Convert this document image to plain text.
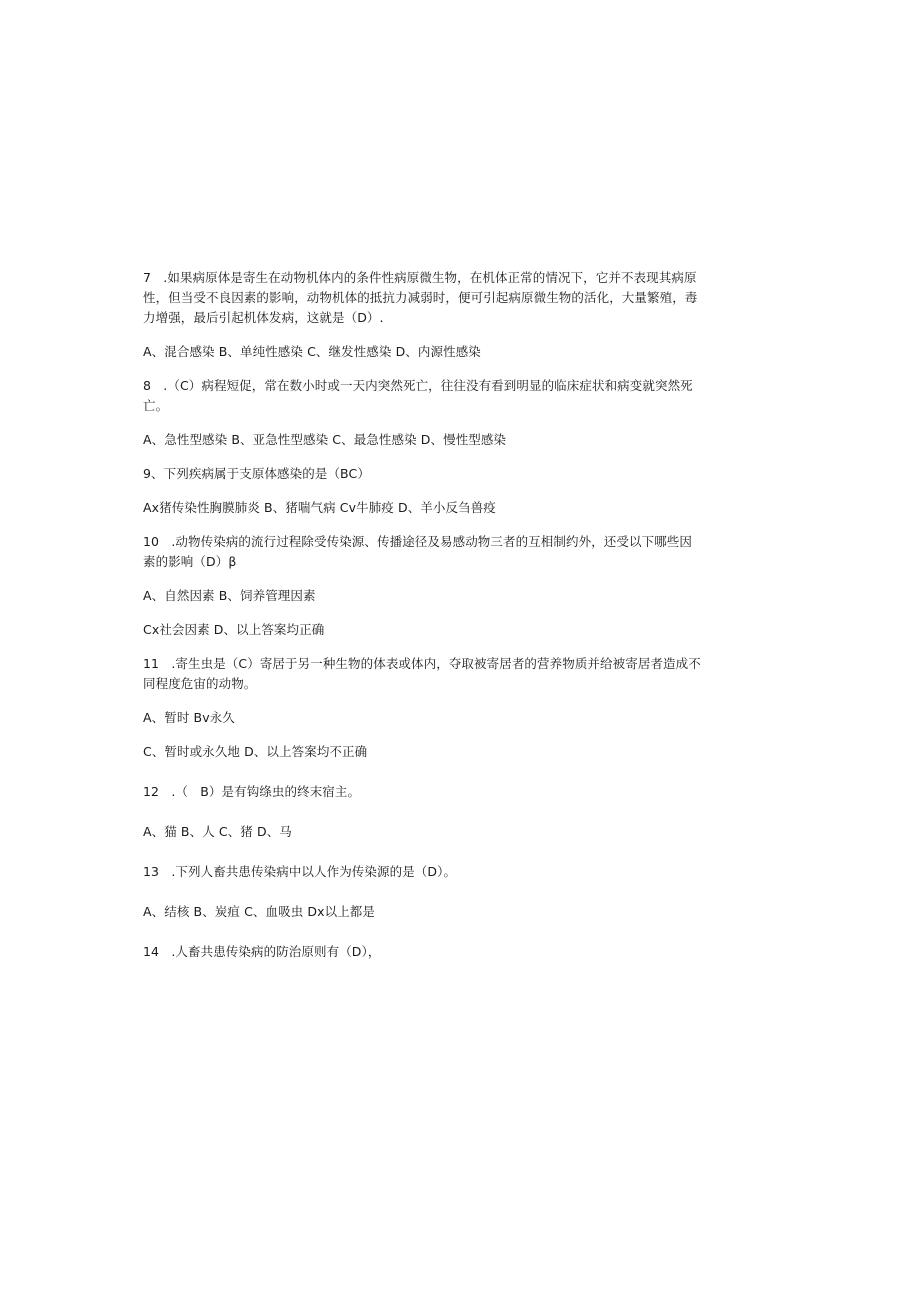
7   .如果病原体是寄生在动物机体内的条件性病原微生物，在机体正常的情况下，它并不表现其病原
性，但当受不良因素的影响，动物机体的抵抗力减弱时，便可引起病原微生物的活化，大量繁殖，毒
力增强，最后引起机体发病，这就是（D）.
A、混合感染 B、单纯性感染 C、继发性感染 D、内源性感染
8   .（C）病程短促，常在数小时或一天内突然死亡，往往没有看到明显的临床症状和病变就突然死
亡。
A、急性型感染 B、亚急性型感染 C、最急性感染 D、慢性型感染
9、下列疾病属于支原体感染的是（BC）
Ax猪传染性胸膜肺炎 B、猪喘气病 Cv牛肺疫 D、羊小反刍兽疫
10   .动物传染病的流行过程除受传染源、传播途径及易感动物三者的互相制约外，还受以下哪些因
素的影响（D）β
A、自然因素 B、饲养管理因素
Cx社会因素 D、以上答案均正确
11   .寄生虫是（C）寄居于另一种生物的体表或体内，夺取被寄居者的营养物质并给被寄居者造成不
同程度危宙的动物。
A、暂时 Bv永久
C、暂时或永久地 D、以上答案均不正确
12   .（   B）是有钩绦虫的终末宿主。
A、猫 B、人 C、猪 D、马
13   .下列人畜共患传染病中以人作为传染源的是（D）。
A、结核 B、炭疽 C、血吸虫 Dx以上都是
14   .人畜共患传染病的防治原则有（D），
